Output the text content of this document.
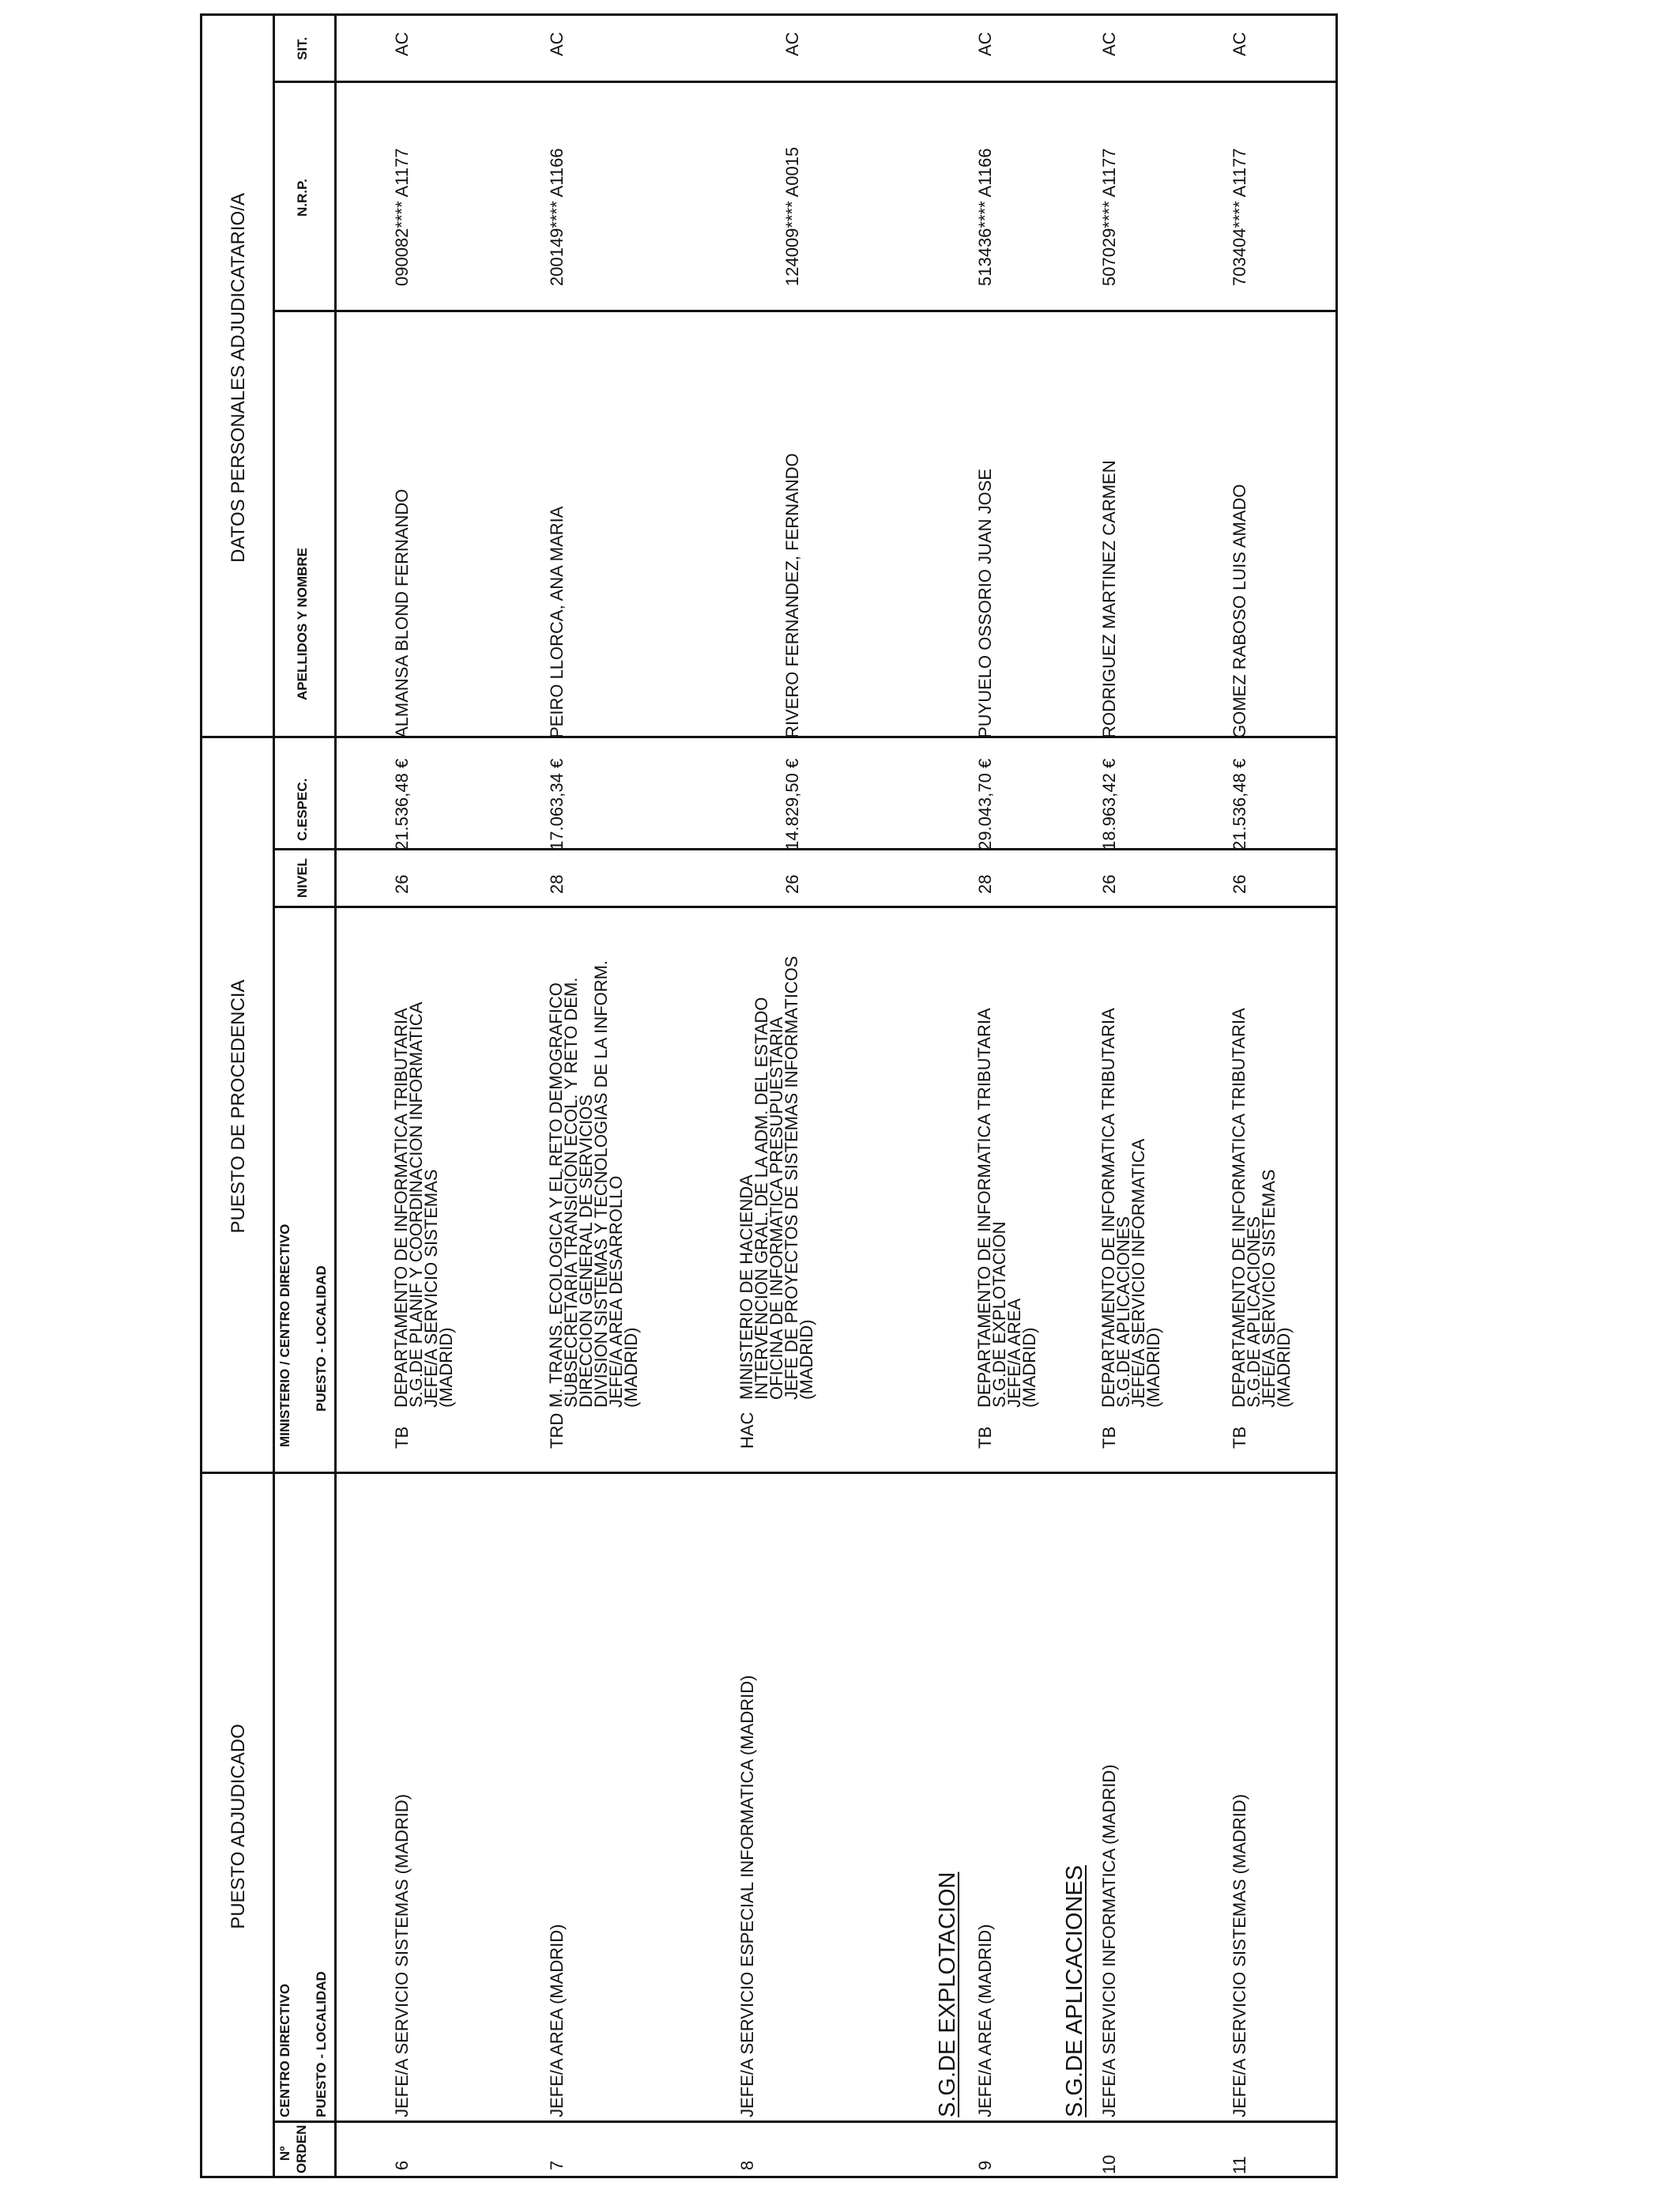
PUESTO ADJUDICADO
PUESTO DE PROCEDENCIA
DATOS PERSONALES ADJUDICATARIO/A
Nº ORDEN
CENTRO DIRECTIVO PUESTO - LOCALIDAD
MINISTERIO / CENTRO DIRECTIVO PUESTO - LOCALIDAD
NIVEL
C.ESPEC.
APELLIDOS Y NOMBRE
N.R.P.
SIT.
S.G.DE EXPLOTACION	S.G.DE APLICACIONES
6
JEFE/A SERVICIO SISTEMAS (MADRID)
TB
DEPARTAMENTO DE INFORMATICA TRIBUTARIA
S.G.DE PLANIF Y COORDINACION INFORMATICA
JEFE/A SERVICIO SISTEMAS
(MADRID)
26
21.536,48 €
ALMANSA BLOND FERNANDO
090082**** A1177
AC
7
JEFE/A AREA (MADRID)
TRD
M. TRANS. ECOLOGICA Y EL RETO DEMOGRAFICO
SUBSECRETARIA TRANSICIÓN ECOL. Y RETO DEM.
DIRECCION GENERAL DE SERVICIOS
DIVISION SISTEMAS Y TECNOLOGIAS DE LA INFORM.
JEFE/A AREA DESARROLLO
(MADRID)
28
17.063,34 €
PEIRO LLORCA, ANA MARIA
200149**** A1166
AC
8
JEFE/A SERVICIO ESPECIAL INFORMATICA (MADRID)
HAC
MINISTERIO DE HACIENDA
INTERVENCION GRAL. DE LA ADM. DEL ESTADO
OFICINA DE INFORMATICA PRESUPUESTARIA
JEFE DE PROYECTOS DE SISTEMAS INFORMATICOS
(MADRID)
26
14.829,50 €
RIVERO FERNANDEZ, FERNANDO
124009**** A0015
AC
9
JEFE/A AREA (MADRID)
TB
DEPARTAMENTO DE INFORMATICA TRIBUTARIA
S.G.DE EXPLOTACION
JEFE/A AREA
(MADRID)
28
29.043,70 €
PUYUELO OSSORIO JUAN JOSE
513436**** A1166
AC
10
JEFE/A SERVICIO INFORMATICA (MADRID)
TB
DEPARTAMENTO DE INFORMATICA TRIBUTARIA
S.G.DE APLICACIONES
JEFE/A SERVICIO INFORMATICA
(MADRID)
26
18.963,42 €
RODRIGUEZ MARTINEZ CARMEN
507029**** A1177
AC
11
JEFE/A SERVICIO SISTEMAS (MADRID)
TB
DEPARTAMENTO DE INFORMATICA TRIBUTARIA
S.G.DE APLICACIONES
JEFE/A SERVICIO SISTEMAS
(MADRID)
26
21.536,48 €
GOMEZ RABOSO LUIS AMADO
703404**** A1177
AC
